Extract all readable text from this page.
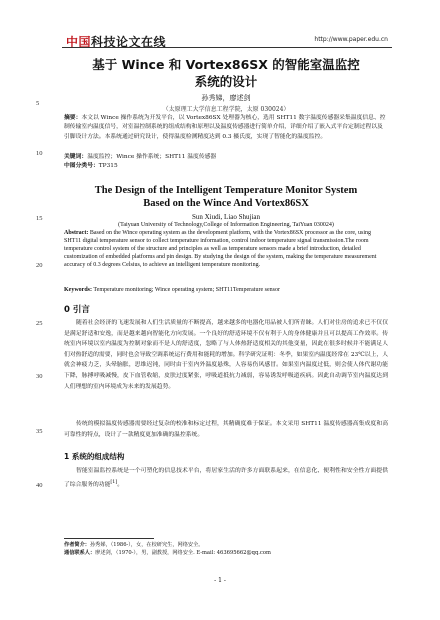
中国科技论文在线	http://www.paper.edu.cn
基于 Wince 和 Vortex86SX 的智能室温监控
系统的设计
孙秀娣，廖述剑
（太原理工大学信息工程学院，太原 030024）
摘要：本文以 Wince 操作系统为开发平台，以 Vortex86SX 处理器为核心，选用 SHT11 数字温度传感器采集温度信息、控制传输室内温度信号，对室温控制系统的组成结构和原理以及温度传感器进行简单介绍，详细介绍了嵌入式平台定制过程以及引脚设计方法。本系统通过研究设计，使得温度检测精度达到 0.3 摄氏度，实现了智能化的温度监控。
关键词：温度监控；Wince 操作系统；SHT11 温度传感器
中图分类号：TP315
The Design of the Intelligent Temperature Monitor System
Based on the Wince And Vortex86SX
Sun Xiudi, Liao Shujian
(Taiyuan University of Technology,College of Information Engineering, TaiYuan 030024)
Abstract: Based on the Wince operating system as the development platform, with the Vortex86SX processor as the core, using SHT11 digital temperature sensor to collect temperature information, control indoor temperature signal transmission.The room temperature control system of the structure and principles as well as temperature sensors made a brief introduction, detailed customization of embedded platforms and pin design. By studying the design of the system, making the temperature measurement accuracy of 0.3 degrees Celsius, to achieve an intelligent temperature monitoring.
Keywords: Temperature monitoring; Wince operating system; SHT11Temperature sensor
0 引言
随着社会经济的飞速发展和人们生活质量的不断提高，越来越多的电器化用品被人们所青睐。人们对住房的追求已不仅仅是满足舒适和安逸，而是越来越向智能化方向发展。一个良好的舒适环境不仅有利于人的身体健康并且可以提高工作效率。传统室内环境以室内温度为控制对象而不是人的舒适度，忽略了与人体热舒适度相关的其他变量，因此在很多时候并不能满足人们对热舒适的需要，同时也会导致空调系统运行费用和能耗的增加。科学研究证明：冬季，如果室内温度经常在 23℃以上，人就会神疲力乏，头晕脑胀，思维迟钝，同时由于室内外温度悬殊，人容易伤风感冒。如果室内温度过低，则会使人体代谢功能下降，脉搏呼吸减慢，皮下血管收缩，皮肤过度紧张，呼吸道抵抗力减弱，容易诱发呼吸道疾病。因此自动调节室内温度达到人们理想的室内环境成为未来的发展趋势。
传统的模拟温度传感器需要经过复杂的校准和标定过程，其精确度难于保证。本文采用 SHT11 温度传感器高集成度和高可靠性的特点，设计了一款精度更加准确的温控系统。
1 系统的组成结构
智能室温监控系统是一个可塑化的信息技术平台，将居家生活的许多方面联系起来，在信息化、便利性和安全性方面提供了综合服务的功能[1]。
作者简介：孙秀娣，（1986-），女，在校研究生，网络安全。
通信联系人：廖述剑，（1970-），男，副教授，网络安全. E-mail: 463695662@qq.com
- 1 -
5
10
15
20
25
30
35
40
